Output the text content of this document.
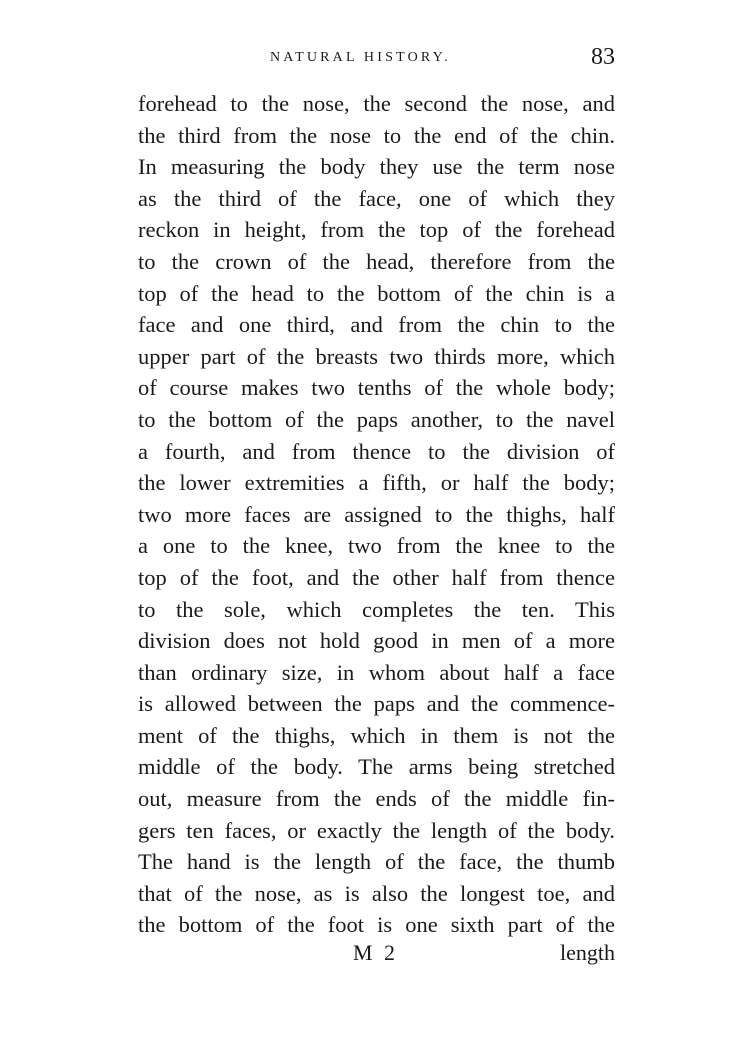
NATURAL HISTORY.	83
forehead to the nose, the second the nose, and
the third from the nose to the end of the chin.
In measuring the body they use the term nose
as the third of the face, one of which they
reckon in height, from the top of the forehead
to the crown of the head, therefore from the
top of the head to the bottom of the chin is a
face and one third, and from the chin to the
upper part of the breasts two thirds more, which
of course makes two tenths of the whole body;
to the bottom of the paps another, to the navel
a fourth, and from thence to the division of
the lower extremities a fifth, or half the body;
two more faces are assigned to the thighs, half
a one to the knee, two from the knee to the
top of the foot, and the other half from thence
to the sole, which completes the ten. This
division does not hold good in men of a more
than ordinary size, in whom about half a face
is allowed between the paps and the commence-
ment of the thighs, which in them is not the
middle of the body. The arms being stretched
out, measure from the ends of the middle fin-
gers ten faces, or exactly the length of the body.
The hand is the length of the face, the thumb
that of the nose, as is also the longest toe, and
the bottom of the foot is one sixth part of the
M 2	length
